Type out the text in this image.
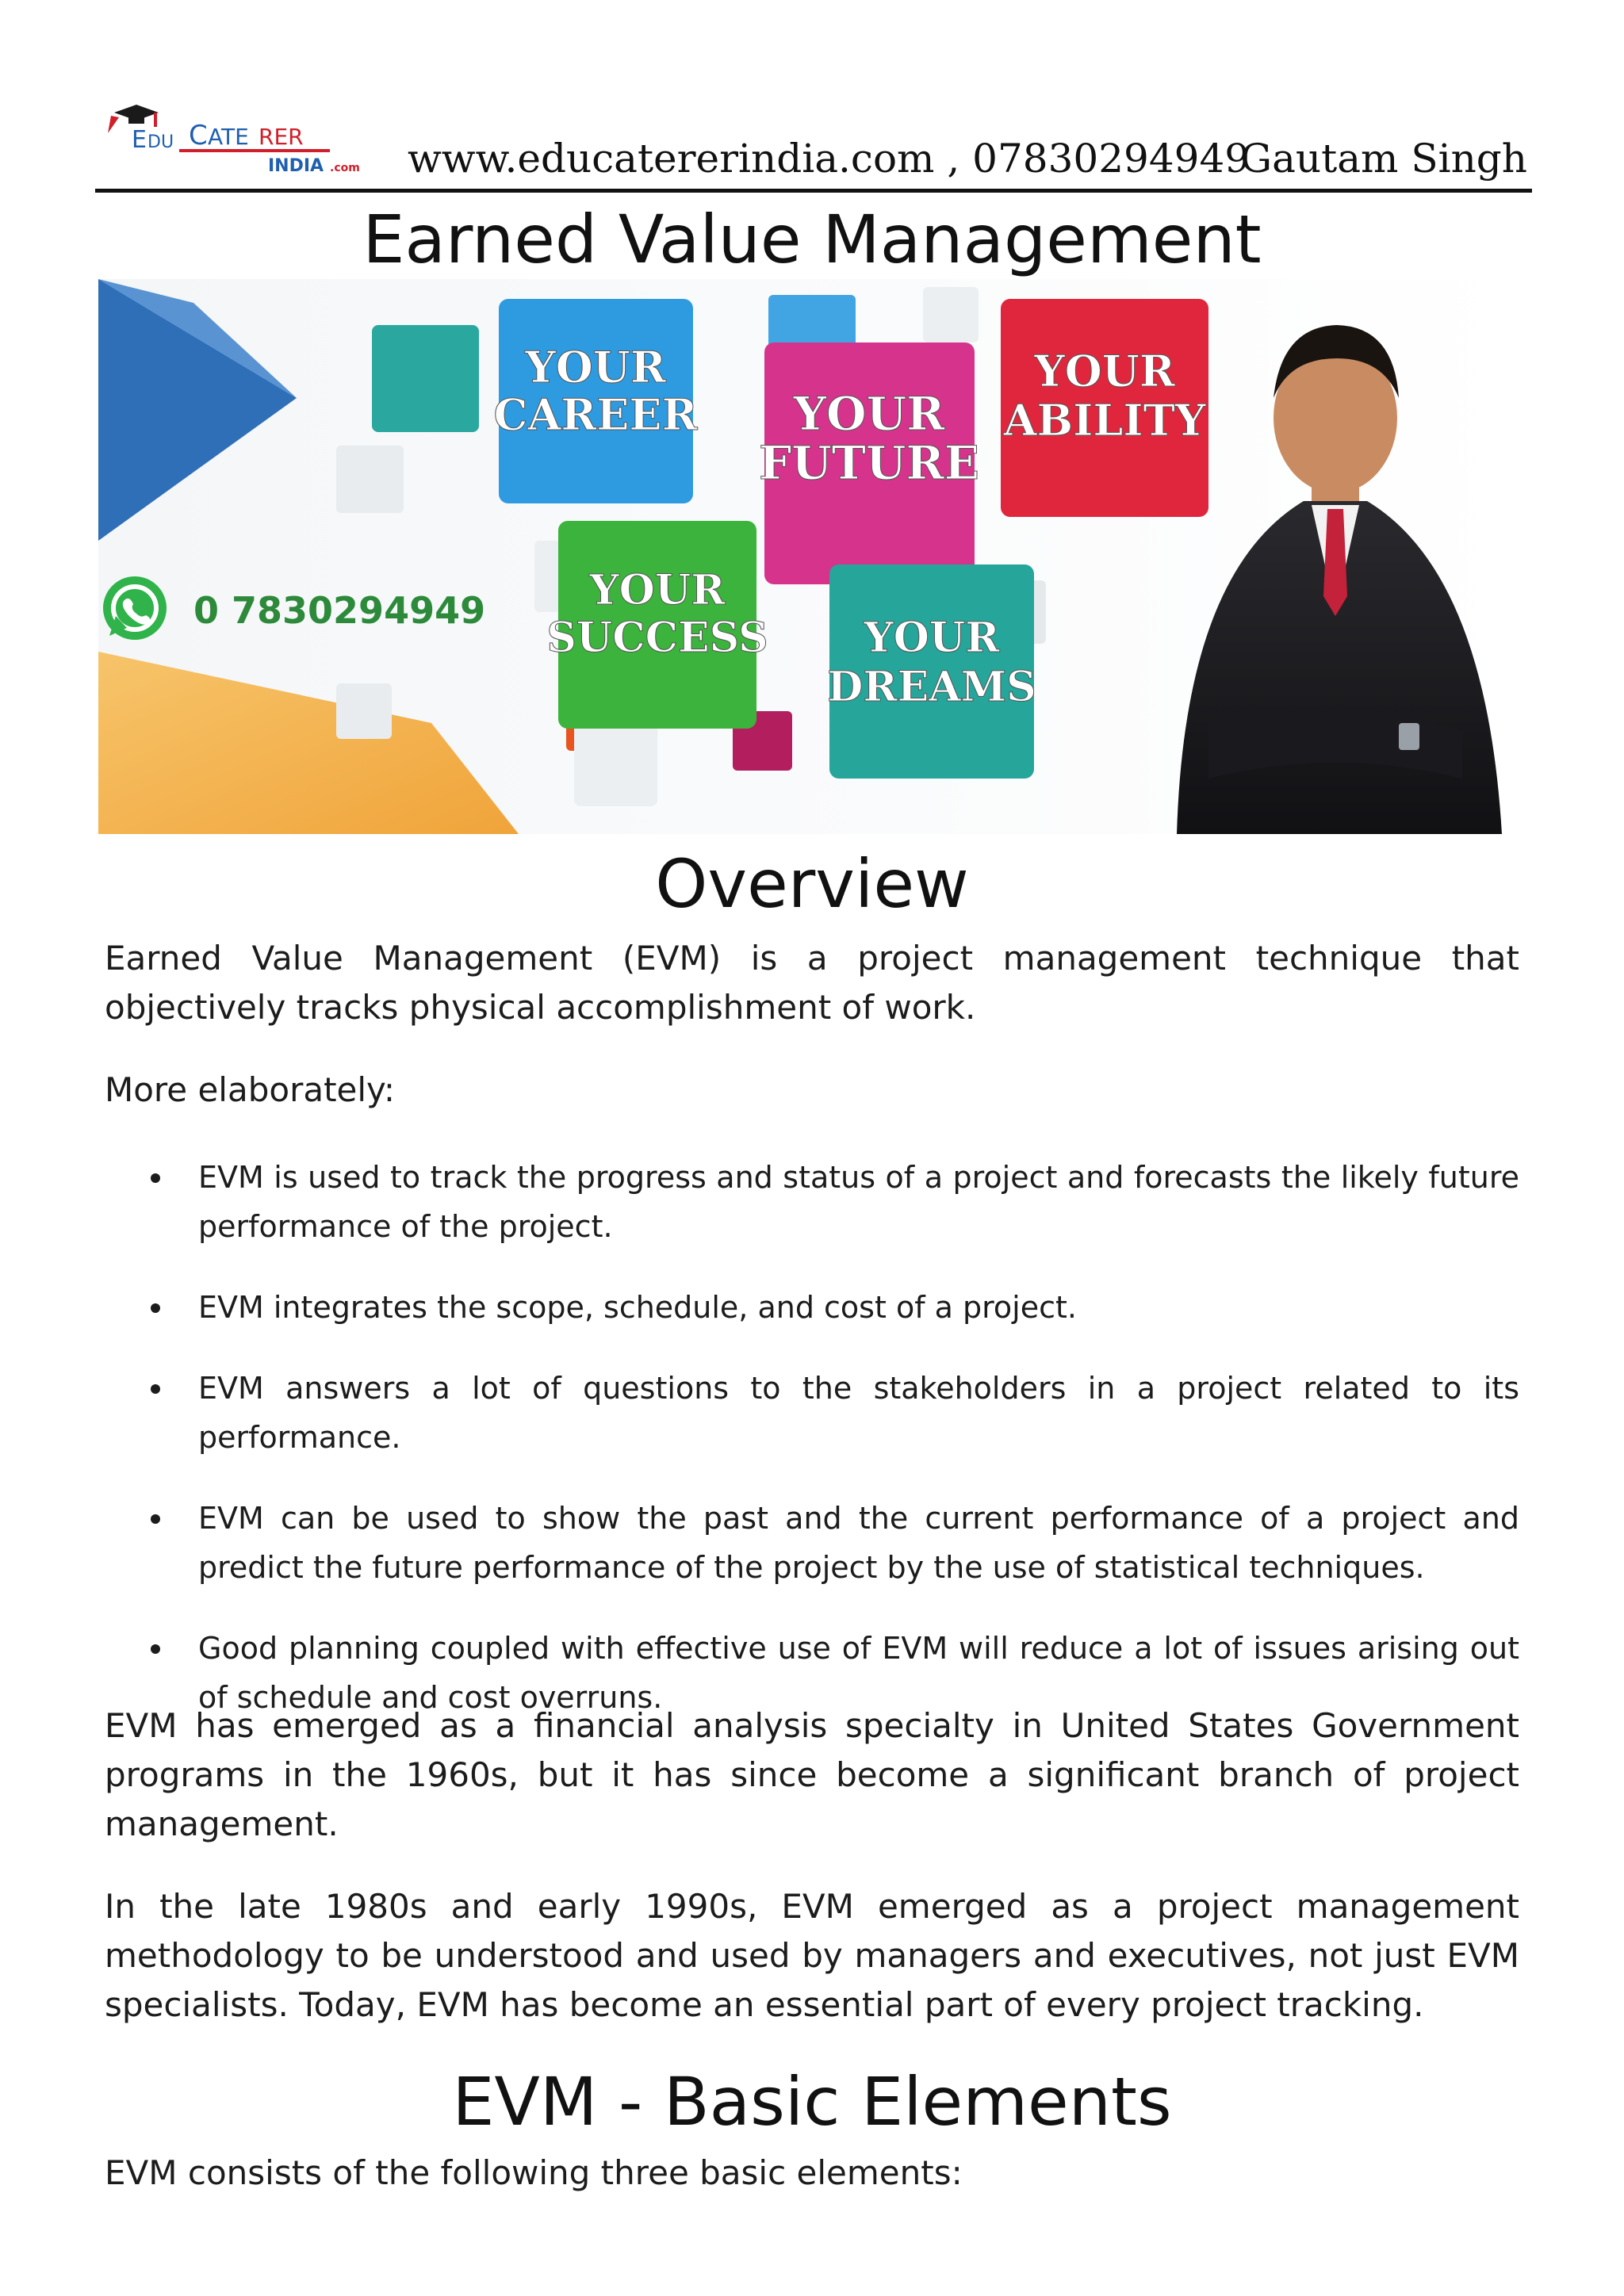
E DU C ATE RER
INDIA .com www.educatererindia.com , 07830294949
Gautam Singh
Earned Value Management
YOUR
CAREER YOUR
FUTURE
YOUR
ABILITY
YOUR
SUCCESS YOUR
DREAMS
0 7830294949
Overview
Earned Value Management (EVM) is a project management technique that objectively tracks physical accomplishment of work.
More elaborately:
EVM is used to track the progress and status of a project and forecasts the likely future performance of the project.
EVM integrates the scope, schedule, and cost of a project.
EVM answers a lot of questions to the stakeholders in a project related to its performance.
EVM can be used to show the past and the current performance of a project and predict the future performance of the project by the use of statistical techniques.
Good planning coupled with effective use of EVM will reduce a lot of issues arising out of schedule and cost overruns.
EVM has emerged as a financial analysis specialty in United States Government programs in the 1960s, but it has since become a significant branch of project management.
In the late 1980s and early 1990s, EVM emerged as a project management methodology to be understood and used by managers and executives, not just EVM specialists. Today, EVM has become an essential part of every project tracking.
EVM - Basic Elements
EVM consists of the following three basic elements:
